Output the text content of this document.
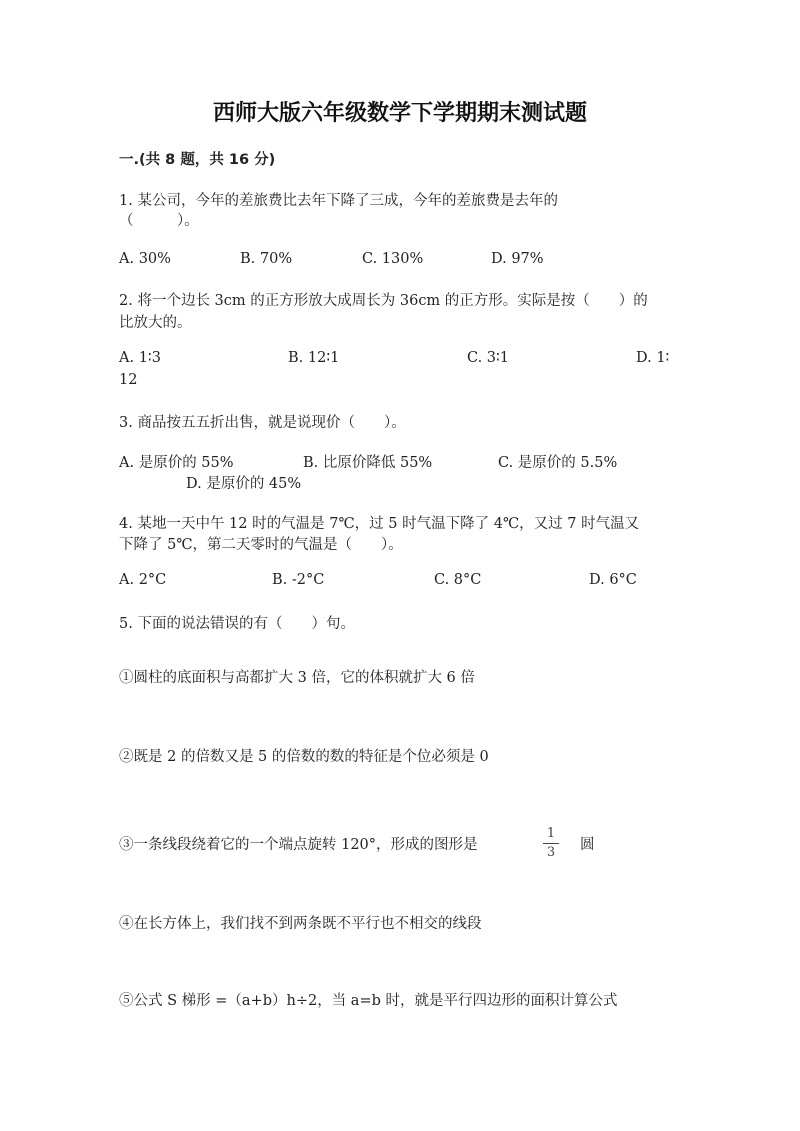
西师大版六年级数学下学期期末测试题
一.(共 8 题，共 16 分)
1. 某公司，今年的差旅费比去年下降了三成，今年的差旅费是去年的
（　　　）。
A. 30%	B. 70%	C. 130%	D. 97%
2. 将一个边长 3cm 的正方形放大成周长为 36cm 的正方形。实际是按（　　）的
比放大的。
A. 1∶3	B. 12∶1	C. 3∶1	D. 1∶
12
3. 商品按五五折出售，就是说现价（　　）。
A. 是原价的 55%	B. 比原价降低 55%	C. 是原价的 5.5%
D. 是原价的 45%
4. 某地一天中午 12 时的气温是 7℃，过 5 时气温下降了 4℃，又过 7 时气温又
下降了 5℃，第二天零时的气温是（　　）。
A. 2°C	B. -2°C	C. 8°C	D. 6°C
5. 下面的说法错误的有（　　）句。
①圆柱的底面积与高都扩大 3 倍，它的体积就扩大 6 倍
②既是 2 的倍数又是 5 的倍数的数的特征是个位必须是 0
③一条线段绕着它的一个端点旋转 120°，形成的图形是
1
3	圆
④在长方体上，我们找不到两条既不平行也不相交的线段
⑤公式 S 梯形 =（a+b）h÷2，当 a=b 时，就是平行四边形的面积计算公式
